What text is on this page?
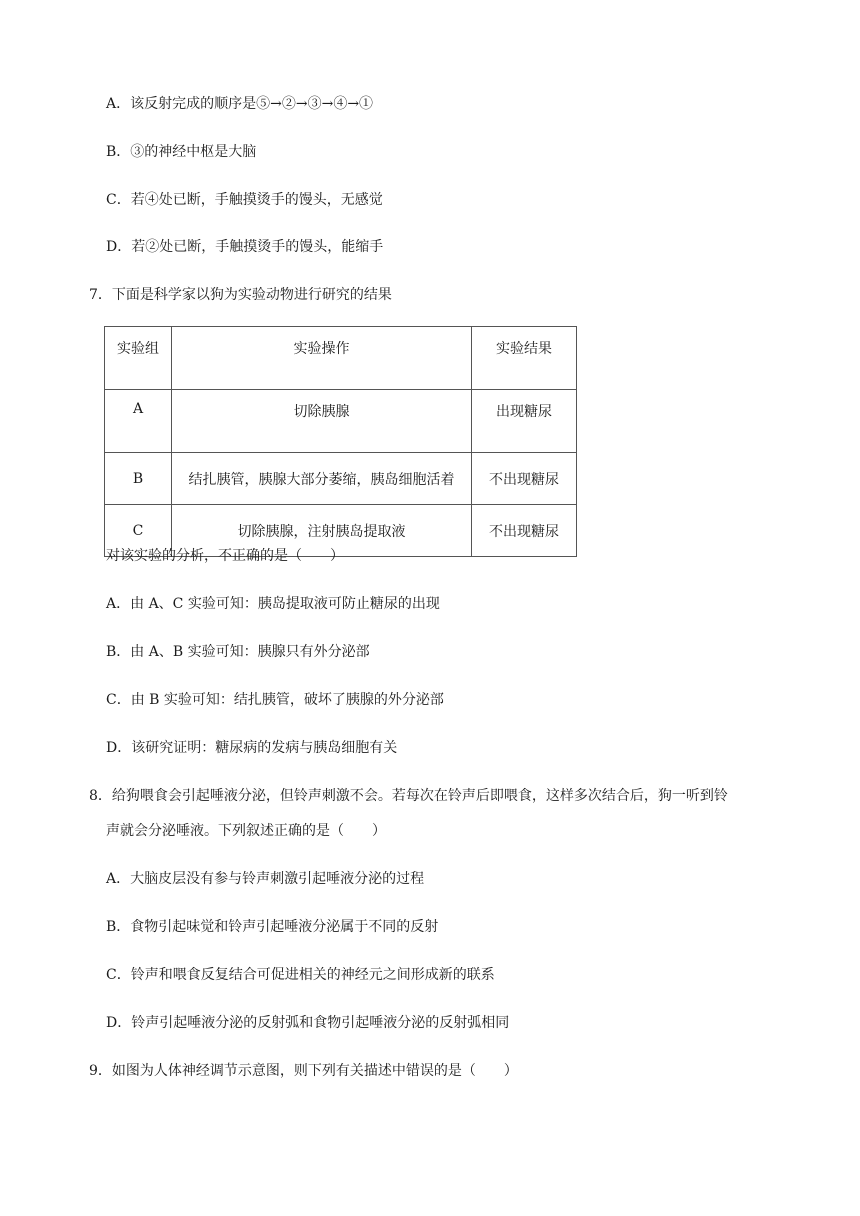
A．该反射完成的顺序是⑤→②→③→④→①
B．③的神经中枢是大脑
C．若④处已断，手触摸烫手的馒头，无感觉
D．若②处已断，手触摸烫手的馒头，能缩手
7．下面是科学家以狗为实验动物进行研究的结果
实验组	实验操作	实验结果
A	切除胰腺	出现糖尿
B	结扎胰管，胰腺大部分萎缩，胰岛细胞活着	不出现糖尿
C	切除胰腺，注射胰岛提取液	不出现糖尿
对该实验的分析，不正确的是（　　）
A．由 A、C 实验可知：胰岛提取液可防止糖尿的出现
B．由 A、B 实验可知：胰腺只有外分泌部
C．由 B 实验可知：结扎胰管，破坏了胰腺的外分泌部
D．该研究证明：糖尿病的发病与胰岛细胞有关
8．给狗喂食会引起唾液分泌，但铃声刺激不会。若每次在铃声后即喂食，这样多次结合后，狗一听到铃
声就会分泌唾液。下列叙述正确的是（　　）
A．大脑皮层没有参与铃声刺激引起唾液分泌的过程
B．食物引起味觉和铃声引起唾液分泌属于不同的反射
C．铃声和喂食反复结合可促进相关的神经元之间形成新的联系
D．铃声引起唾液分泌的反射弧和食物引起唾液分泌的反射弧相同
9．如图为人体神经调节示意图，则下列有关描述中错误的是（　　）
